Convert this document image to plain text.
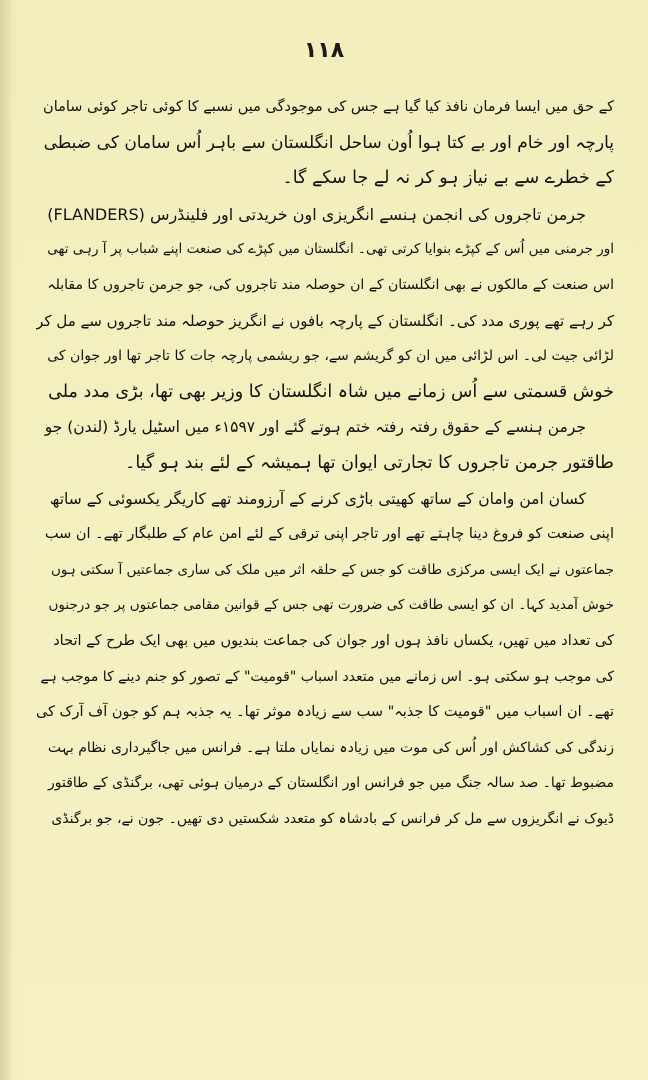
۱۱۸
کے حق میں ایسا فرمان نافذ کیا گیا ہے جس کی موجودگی میں نسبے کا کوئی تاجر کوئی سامان
پارچہ اور خام اور بے کتا ہوا اُون ساحل انگلستان سے باہر اُس سامان کی ضبطی
کے خطرے سے بے نیاز ہو کر نہ لے جا سکے گا۔
جرمن تاجروں کی انجمن ہنسے انگریزی اون خریدتی اور فلینڈرس (FLANDERS)
اور جرمنی میں اُس کے کپڑے بنوایا کرتی تھی۔ انگلستان میں کپڑے کی صنعت اپنے شباب پر آ رہی تھی
اس صنعت کے مالکوں نے بھی انگلستان کے ان حوصلہ مند تاجروں کی، جو جرمن تاجروں کا مقابلہ
کر رہے تھے پوری مدد کی۔ انگلستان کے پارچہ بافوں نے انگریز حوصلہ مند تاجروں سے مل کر
لڑائی جیت لی۔ اس لڑائی میں ان کو گریشم سے، جو ریشمی پارچہ جات کا تاجر تھا اور جوان کی
خوش قسمتی سے اُس زمانے میں شاہ انگلستان کا وزیر بھی تھا، بڑی مدد ملی
جرمن ہنسے کے حقوق رفتہ رفتہ ختم ہوتے گئے اور ۱۵۹۷ء میں اسٹیل یارڈ (لندن) جو
طاقتور جرمن تاجروں کا تجارتی ایوان تھا ہمیشہ کے لئے بند ہو گیا۔
کسان امن وامان کے ساتھ کھیتی باڑی کرنے کے آرزومند تھے کاریگر یکسوئی کے ساتھ
اپنی صنعت کو فروغ دینا چاہتے تھے اور تاجر اپنی ترقی کے لئے امن عام کے طلبگار تھے۔ ان سب
جماعتوں نے ایک ایسی مرکزی طاقت کو جس کے حلقہ اثر میں ملک کی ساری جماعتیں آ سکتی ہوں
خوش آمدید کہا۔ ان کو ایسی طاقت کی ضرورت تھی جس کے قوانین مقامی جماعتوں پر جو درجنوں
کی تعداد میں تھیں، یکساں نافذ ہوں اور جوان کی جماعت بندیوں میں بھی ایک طرح کے اتحاد
کی موجب ہو سکتی ہو۔ اس زمانے میں متعدد اسباب "قومیت" کے تصور کو جنم دینے کا موجب ہے
تھے۔ ان اسباب میں "قومیت کا جذبہ" سب سے زیادہ موثر تھا۔ یہ جذبہ ہم کو جون آف آرک کی
زندگی کی کشاکش اور اُس کی موت میں زیادہ نمایاں ملتا ہے۔ فرانس میں جاگیرداری نظام بہت
مضبوط تھا۔ صد سالہ جنگ میں جو فرانس اور انگلستان کے درمیان ہوئی تھی، برگنڈی کے طاقتور
ڈیوک نے انگریزوں سے مل کر فرانس کے بادشاہ کو متعدد شکستیں دی تھیں۔ جون نے، جو برگنڈی
